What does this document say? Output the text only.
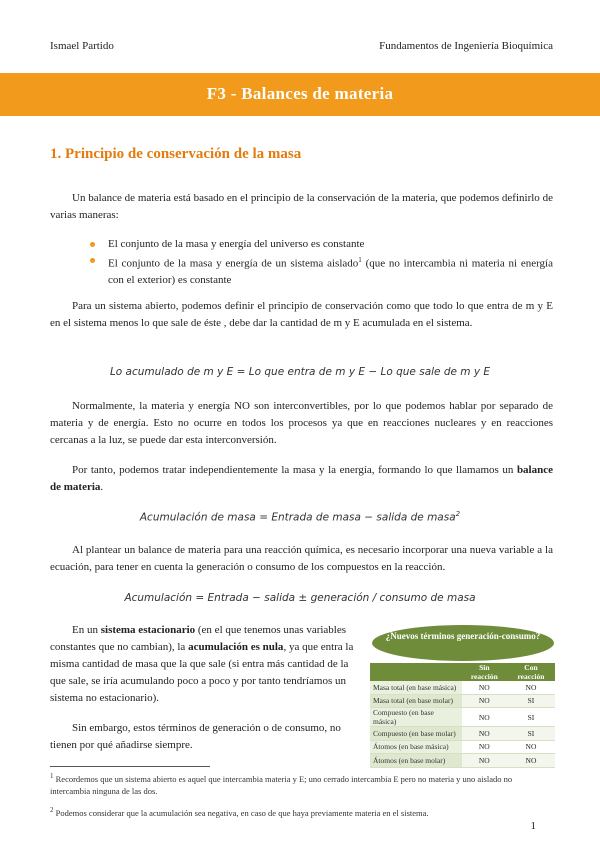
Ismael Partido	Fundamentos de Ingeniería Bioquímica
F3 - Balances de materia
1. Principio de conservación de la masa

Un balance de materia está basado en el principio de la conservación de la materia, que podemos definirlo de varias maneras:

El conjunto de la masa y energía del universo es constante
El conjunto de la masa y energía de un sistema aislado$^1$ (que no intercambia ni materia ni energía con el exterior) es constante

Para un sistema abierto, podemos definir el principio de conservación como que todo lo que entra de m y E en el sistema menos lo que sale de éste , debe dar la cantidad de m y E acumulada en el sistema.

Lo acumulado de m y E = Lo que entra de m y E − Lo que sale de m y E

Normalmente, la materia y energía NO son interconvertibles, por lo que podemos hablar por separado de materia y de energía. Esto no ocurre en todos los procesos ya que en reacciones nucleares y en reacciones cercanas a la luz, se puede dar esta interconversión.

Por tanto, podemos tratar independientemente la masa y la energía, formando lo que llamamos un balance de materia.

Acumulación de masa = Entrada de masa − salida de masa$^2$

Al plantear un balance de materia para una reacción química, es necesario incorporar una nueva variable a la ecuación, para tener en cuenta la generación o consumo de los compuestos en la reacción.

Acumulación = Entrada − salida ± generación / consumo de masa

En un sistema estacionario (en el que tenemos unas variables constantes que no cambian), la acumulación es nula, ya que entra la misma cantidad de masa que la que sale (si entra más cantidad de la que sale, se iría acumulando poco a poco y por tanto tendríamos un sistema no estacionario).

Sin embargo, estos términos de generación o de consumo, no tienen por qué añadirse siempre.

¿Nuevos términos generación-consumo?
	Sin reacción	Con reacción
Masa total (en base másica)	NO	NO
Masa total (en base molar)	NO	SI
Compuesto (en base másica)	NO	SI
Compuesto (en base molar)	NO	SI
Átomos (en base másica)	NO	NO
Átomos (en base molar)	NO	NO
$^1$ Recordemos que un sistema abierto es aquel que intercambia materia y E; uno cerrado intercambia E pero no materia y uno aislado no intercambia ninguna de las dos.
$^2$ Podemos considerar que la acumulación sea negativa, en caso de que haya previamente materia en el sistema.
1
